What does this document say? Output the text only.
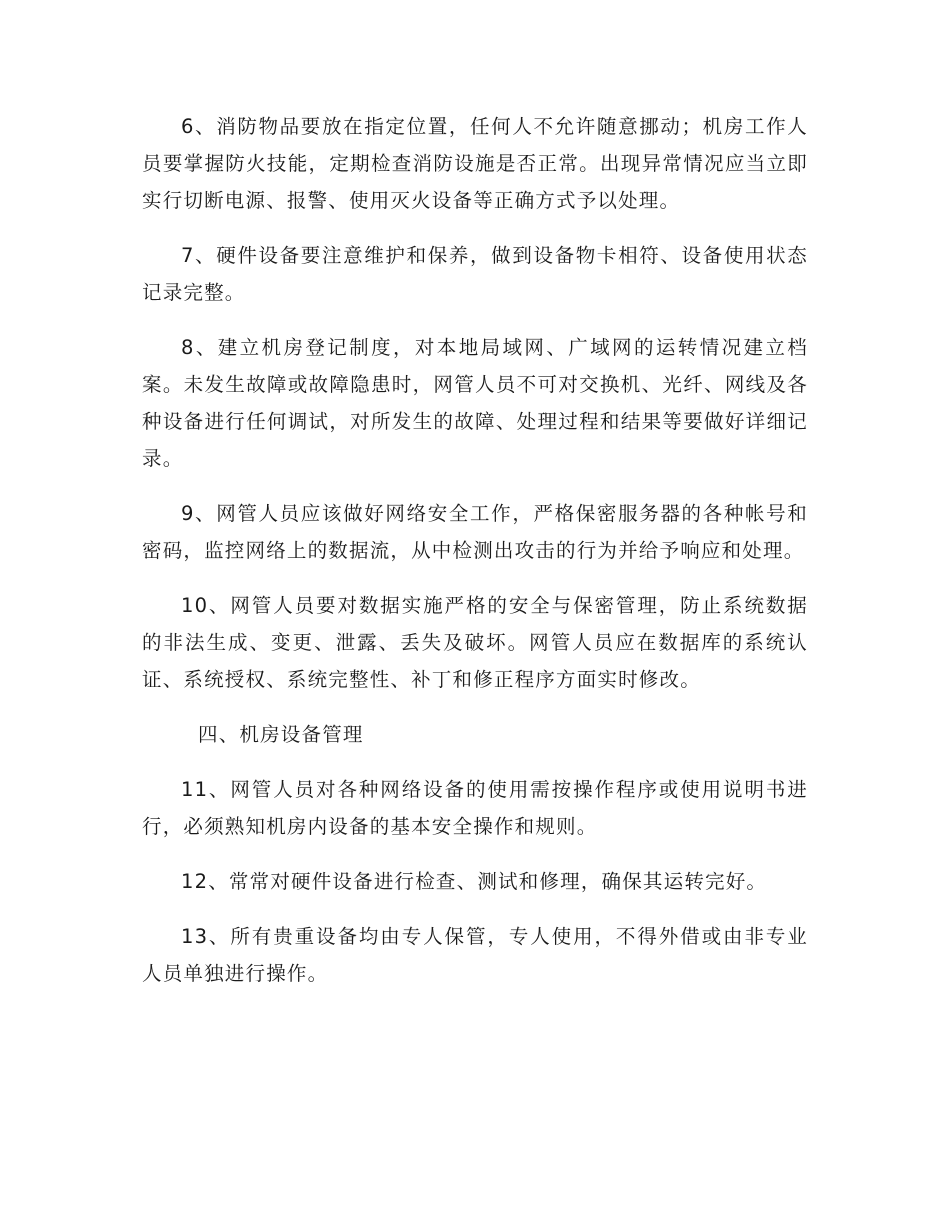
6、消防物品要放在指定位置，任何人不允许随意挪动；机房工作人员要掌握防火技能，定期检查消防设施是否正常。出现异常情况应当立即实行切断电源、报警、使用灭火设备等正确方式予以处理。

7、硬件设备要注意维护和保养，做到设备物卡相符、设备使用状态记录完整。

8、建立机房登记制度，对本地局域网、广域网的运转情况建立档案。未发生故障或故障隐患时，网管人员不可对交换机、光纤、网线及各种设备进行任何调试，对所发生的故障、处理过程和结果等要做好详细记录。

9、网管人员应该做好网络安全工作，严格保密服务器的各种帐号和密码，监控网络上的数据流，从中检测出攻击的行为并给予响应和处理。

10、网管人员要对数据实施严格的安全与保密管理，防止系统数据的非法生成、变更、泄露、丢失及破坏。网管人员应在数据库的系统认证、系统授权、系统完整性、补丁和修正程序方面实时修改。

四、机房设备管理

11、网管人员对各种网络设备的使用需按操作程序或使用说明书进行，必须熟知机房内设备的基本安全操作和规则。

12、常常对硬件设备进行检查、测试和修理，确保其运转完好。

13、所有贵重设备均由专人保管，专人使用，不得外借或由非专业人员单独进行操作。
